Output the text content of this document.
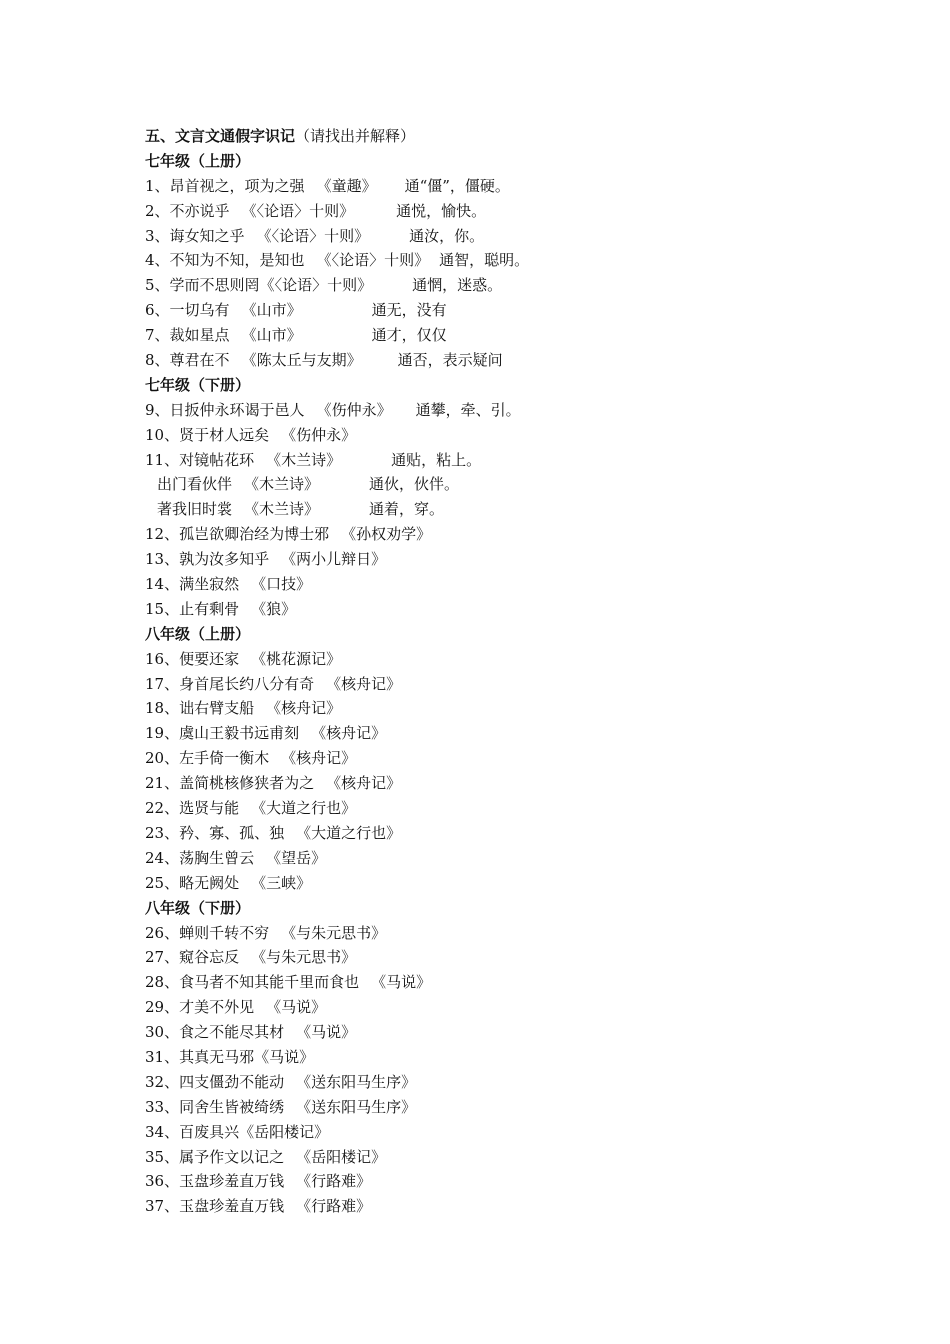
五、文言文通假字识记（请找出并解释）
七年级（上册）
1、昂首视之，项为之强 《童趣》 通“僵”，僵硬。
2、不亦说乎 《〈论语〉十则》	通悦，愉快。
3、诲女知之乎 《〈论语〉十则》	通汝，你。
4、不知为不知，是知也 《〈论语〉十则》 通智，聪明。
5、学而不思则罔《〈论语〉十则》	通惘，迷惑。
6、一切乌有 《山市》	通无，没有
7、裁如星点 《山市》	通才，仅仅
8、尊君在不 《陈太丘与友期》 通否，表示疑问
七年级（下册）
9、日扳仲永环谒于邑人 《伤仲永》 通攀，牵、引。
10、贤于材人远矣 《伤仲永》
11、对镜帖花环 《木兰诗》	通贴，粘上。
出门看伙伴 《木兰诗》	通伙，伙伴。
著我旧时裳 《木兰诗》	通着，穿。
12、孤岂欲卿治经为博士邪 《孙权劝学》
13、孰为汝多知乎 《两小儿辩日》
14、满坐寂然 《口技》
15、止有剩骨 《狼》
八年级（上册）
16、便要还家 《桃花源记》
17、身首尾长约八分有奇 《核舟记》
18、诎右臂支船 《核舟记》
19、虞山王毅书远甫刻 《核舟记》
20、左手倚一衡木 《核舟记》
21、盖简桃核修狭者为之 《核舟记》
22、选贤与能 《大道之行也》
23、矜、寡、孤、独 《大道之行也》
24、荡胸生曾云 《望岳》
25、略无阙处 《三峡》
八年级（下册）
26、蝉则千转不穷 《与朱元思书》
27、窥谷忘反 《与朱元思书》
28、食马者不知其能千里而食也 《马说》
29、才美不外见 《马说》
30、食之不能尽其材 《马说》
31、其真无马邪《马说》
32、四支僵劲不能动 《送东阳马生序》
33、同舍生皆被绮绣 《送东阳马生序》
34、百废具兴《岳阳楼记》
35、属予作文以记之 《岳阳楼记》
36、玉盘珍羞直万钱 《行路难》
37、玉盘珍羞直万钱 《行路难》
